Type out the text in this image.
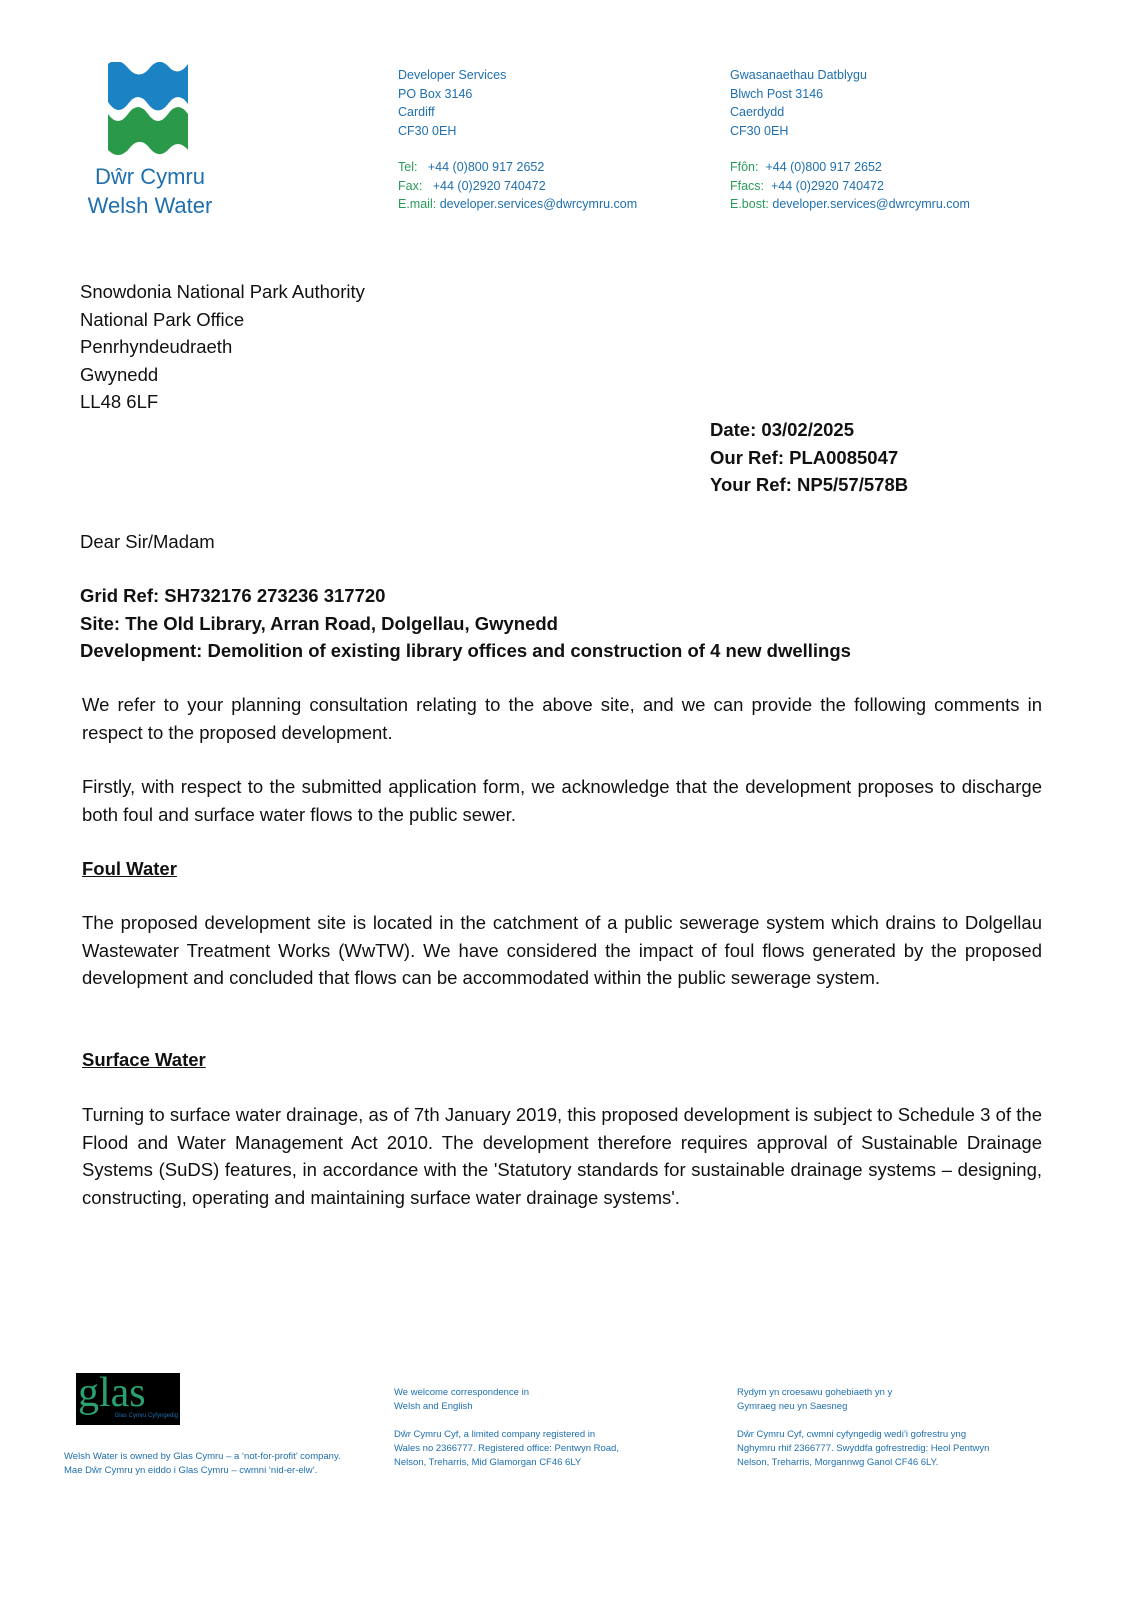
Dŵr Cymru
Welsh Water
Developer Services
PO Box 3146
Cardiff
CF30 0EH
Tel: +44 (0)800 917 2652
Fax: +44 (0)2920 740472
E.mail: developer.services@dwrcymru.com
Gwasanaethau Datblygu
Blwch Post 3146
Caerdydd
CF30 0EH
Ffôn: +44 (0)800 917 2652
Ffacs: +44 (0)2920 740472
E.bost: developer.services@dwrcymru.com
Snowdonia National Park Authority
National Park Office
Penrhyndeudraeth
Gwynedd
LL48 6LF
Date: 03/02/2025
Our Ref: PLA0085047
Your Ref: NP5/57/578B
Dear Sir/Madam
Grid Ref: SH732176 273236 317720
Site: The Old Library, Arran Road, Dolgellau, Gwynedd
Development: Demolition of existing library offices and construction of 4 new dwellings
We refer to your planning consultation relating to the above site, and we can provide the following comments in respect to the proposed development.
Firstly, with respect to the submitted application form, we acknowledge that the development proposes to discharge both foul and surface water flows to the public sewer.
Foul Water
The proposed development site is located in the catchment of a public sewerage system which drains to Dolgellau Wastewater Treatment Works (WwTW). We have considered the impact of foul flows generated by the proposed development and concluded that flows can be accommodated within the public sewerage system.
Surface Water
Turning to surface water drainage, as of 7th January 2019, this proposed development is subject to Schedule 3 of the Flood and Water Management Act 2010. The development therefore requires approval of Sustainable Drainage Systems (SuDS) features, in accordance with the 'Statutory standards for sustainable drainage systems – designing, constructing, operating and maintaining surface water drainage systems'.
glas
Glas Cymru Cyfyngedig
Welsh Water is owned by Glas Cymru – a ‘not-for-profit’ company.
Mae Dŵr Cymru yn eiddo i Glas Cymru – cwmni ‘nid-er-elw’.
We welcome correspondence in
Welsh and English
Dŵr Cymru Cyf, a limited company registered in
Wales no 2366777. Registered office: Pentwyn Road,
Nelson, Treharris, Mid Glamorgan CF46 6LY
Rydym yn croesawu gohebiaeth yn y
Gymraeg neu yn Saesneg
Dŵr Cymru Cyf, cwmni cyfyngedig wedi’i gofrestru yng
Nghymru rhif 2366777. Swyddfa gofrestredig: Heol Pentwyn
Nelson, Treharris, Morgannwg Ganol CF46 6LY.
